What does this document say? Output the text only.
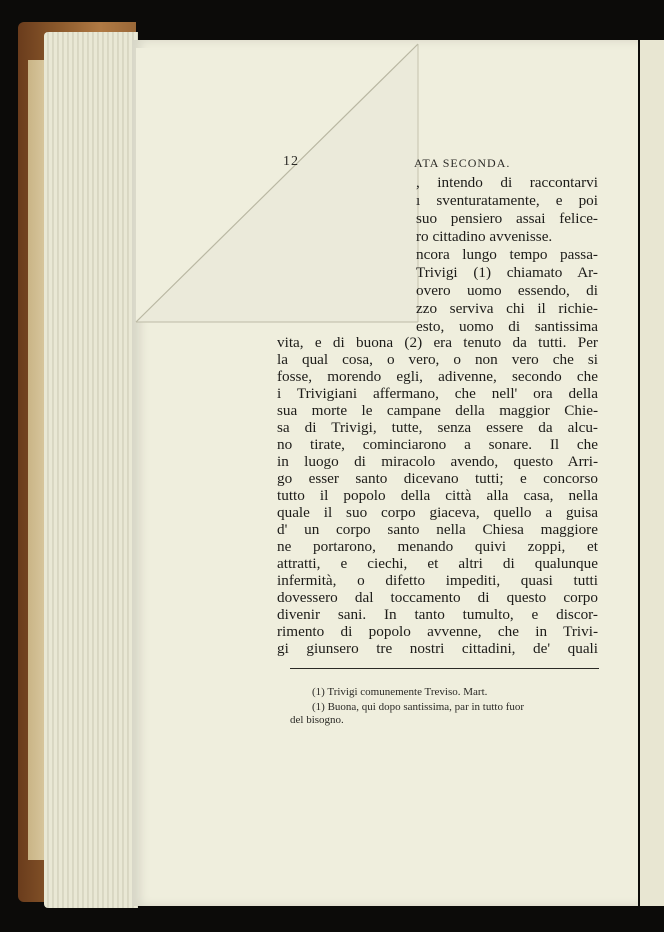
12	ATA SECONDA.
, intendo di raccontarvi
ı sventuratamente, e poi
suo pensiero assai felice-
ro cittadino avvenisse.
ncora lungo tempo passa-
Trivigi (1) chiamato Ar-
overo uomo essendo, di
zzo serviva chi il richie-
esto, uomo di santissima
vita, e di buona (2) era tenuto da tutti. Per
la qual cosa, o vero, o non vero che si
fosse, morendo egli, adivenne, secondo che
i Trivigiani affermano, che nell' ora della
sua morte le campane della maggior Chie-
sa di Trivigi, tutte, senza essere da alcu-
no tirate, cominciarono a sonare. Il che
in luogo di miracolo avendo, questo Arri-
go esser santo dicevano tutti; e concorso
tutto il popolo della città alla casa, nella
quale il suo corpo giaceva, quello a guisa
d' un corpo santo nella Chiesa maggiore
ne portarono, menando quivi zoppi, et
attratti, e ciechi, et altri di qualunque
infermità, o difetto impediti, quasi tutti
dovessero dal toccamento di questo corpo
divenir sani. In tanto tumulto, e discor-
rimento di popolo avvenne, che in Trivi-
gi giunsero tre nostri cittadini, de' quali
(1) Trivigi comunemente Treviso. Mart.
(1) Buona, qui dopo santissima, par in tutto fuor
del bisogno.
